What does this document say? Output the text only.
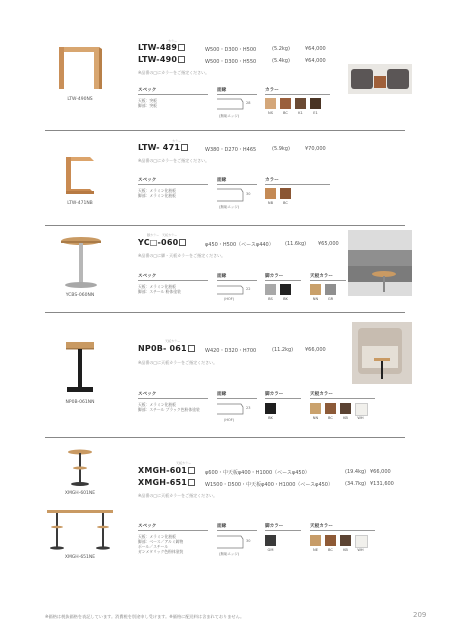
LTW-490NS
カラー
LTW-489	W500・D300・H500	(5.2kg)	¥64,000
LTW-490	W500・D300・H550	(5.4kg)	¥64,000
※品番の□にカラーをご指定ください。
スペック
天板：突板
脚部：突板
面縁
28
(無垢エッジ)
カラー
NS	BC	K1	E1
LTW-471NB
カラー
LTW- 471	W380・D270・H465	(5.9kg)	¥70,000
※品番の□にカラーをご指定ください。
スペック
天板：メラミン化粧板
脚部：メラミン化粧板
面縁
30
(無垢エッジ)
カラー
NB	BC
YCBS-060NN
脚カラー　天板カラー
YC□-060	φ450・H500（ベースφ440） (11.6kg) ¥65,000
※品番の□に脚・天板カラーをご指定ください。
スペック
天板：メラミン化粧板
脚部：スチール 粉体塗装
面縁
22
(HOF)
脚カラー	天板カラー
BS	BK	NN	GR
NP0B-061NN
天板カラー
NP0B- 061	W420・D320・H700	(11.2kg) ¥66,000
※品番の□に天板カラーをご指定ください。
スペック
天板：メラミン化粧板
脚部：スチール ブラック色粉体塗装
面縁
23
(HOF)
脚カラー	天板カラー
BK	NN	BC	KB	WH
XMGH-601NE
XMGH-651NE
天板カラー
XMGH-601	φ600・中天板φ400・H1000（ベースφ450）	(19.4kg) ¥66,000
XMGH-651	W1500・D500・中天板φ400・H1000（ベースφ450） (34.7kg) ¥131,600
※品番の□に天板カラーをご指定ください。
スペック
天板：メラミン化粧板
脚部：ベース／アルミ鋳物
ポール／スチール
ガンメタリック色粉体塗装
面縁
30
(無垢エッジ)
脚カラー	天板カラー
GM	NE	BC	KB	WH
※価格は税抜価格を表記しています。消費税を別途申し受けます。※価格に配送料は含まれておりません。	209
